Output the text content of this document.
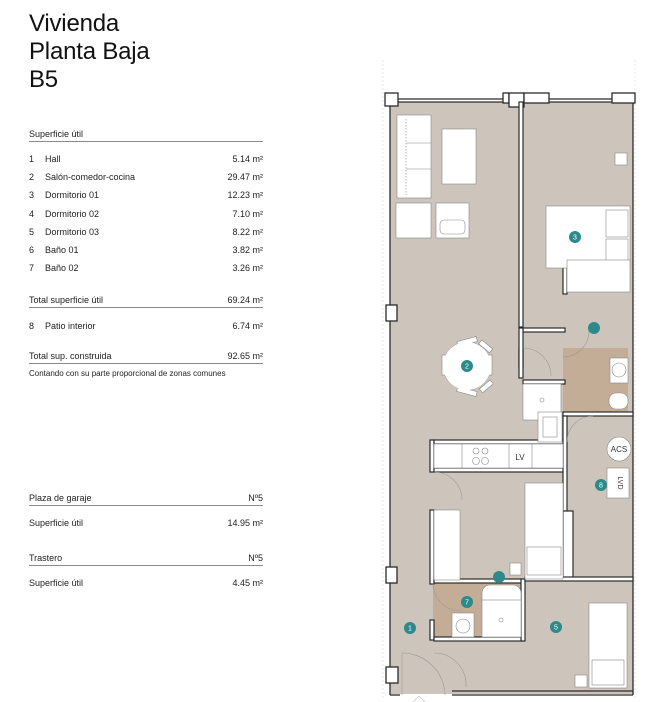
Vivienda
Planta Baja
B5
Superficie útil
1	Hall	5.14 m²
2	Salón-comedor-cocina	29.47 m²
3	Dormitorio 01	12.23 m²
4	Dormitorio 02	7.10 m²
5	Dormitorio 03	8.22 m²
6	Baño 01	3.82 m²
7	Baño 02	3.26 m²
Total superficie útil	69.24 m²
8	Patio interior	6.74 m²
Total sup. construida	92.65 m²
Contando con su parte proporcional de zonas comunes
Plaza de garaje	Nº5
Superficie útil	14.95 m²
Trastero	Nº5
Superficie útil	4.45 m²
ACS
LVD
LV
1
2
3
5
7
8
